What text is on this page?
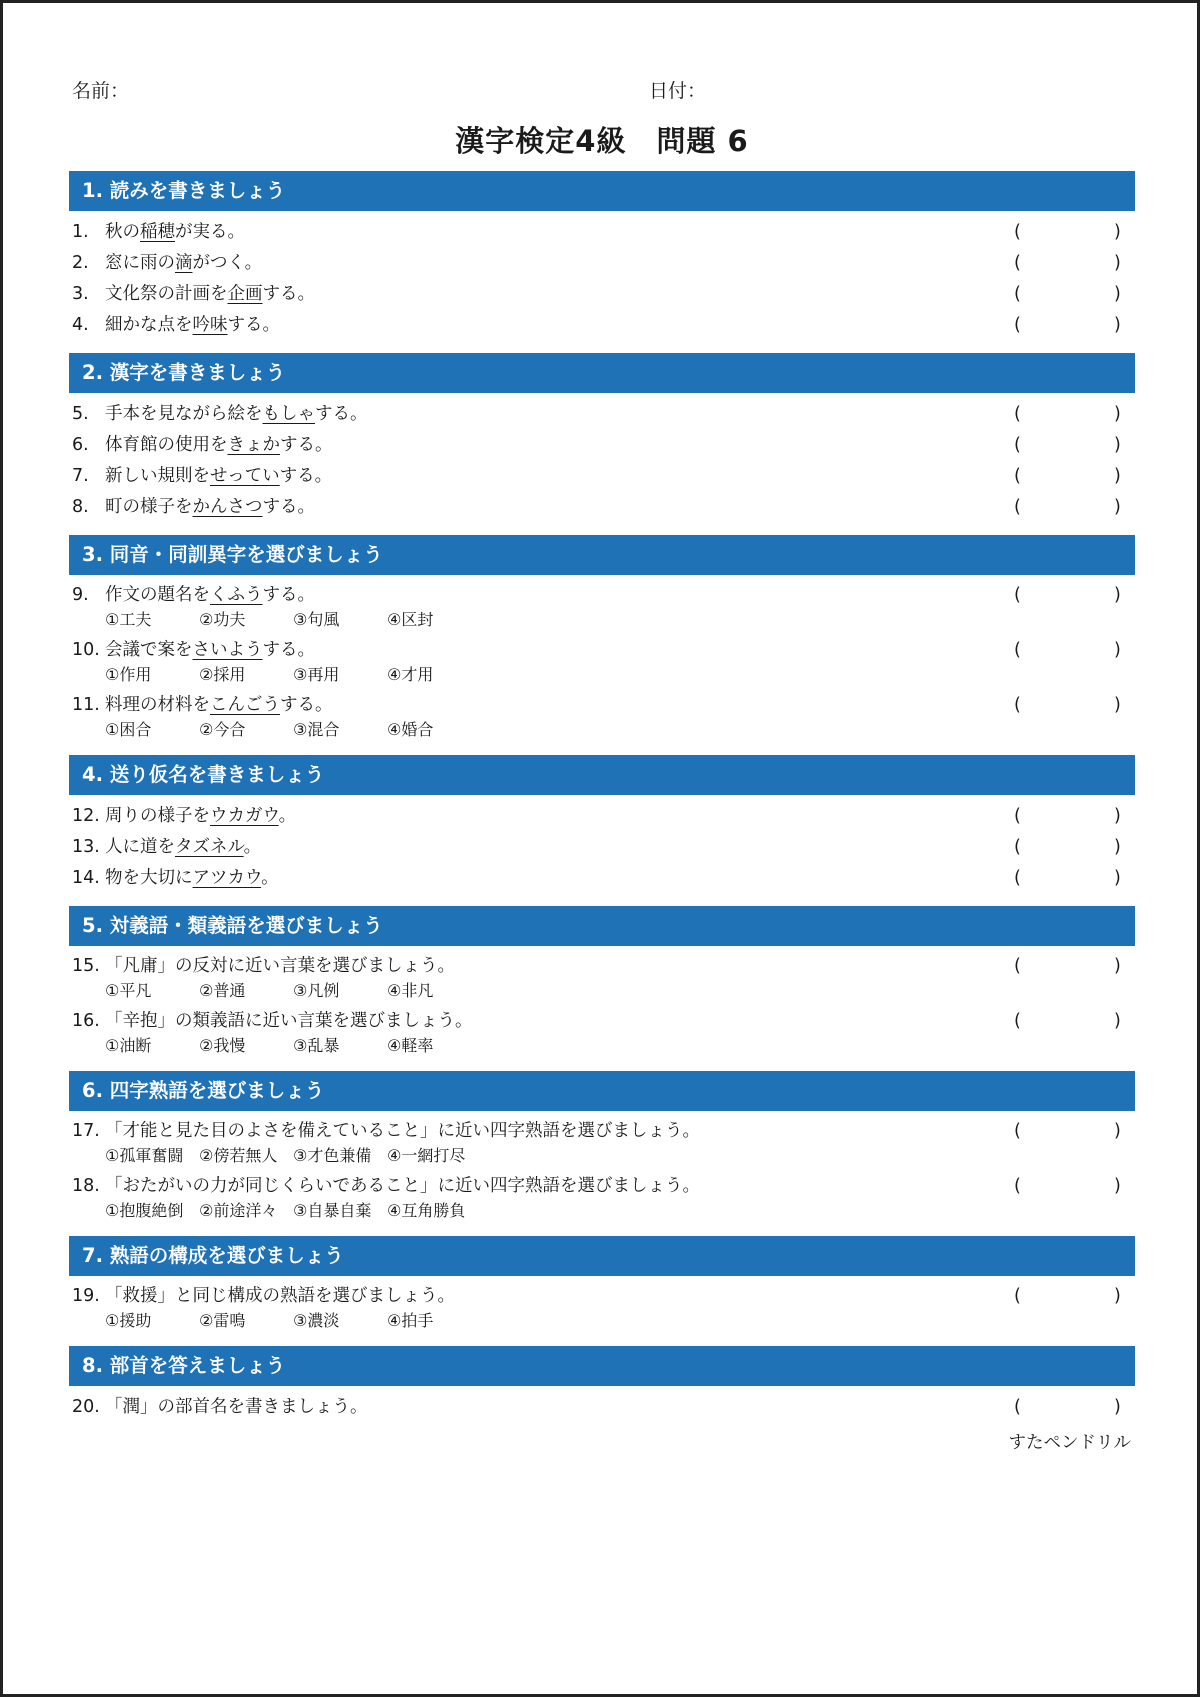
名前：	日付：
漢字検定4級　問題 6
1. 読みを書きましょう
1. 秋の稲穂が実る。	(	)
2. 窓に雨の滴がつく。	(	)
3. 文化祭の計画を企画する。	(	)
4. 細かな点を吟味する。	(	)
2. 漢字を書きましょう
5. 手本を見ながら絵をもしゃする。	(	)
6. 体育館の使用をきょかする。	(	)
7. 新しい規則をせっていする。	(	)
8. 町の様子をかんさつする。	(	)
3. 同音・同訓異字を選びましょう
9. 作文の題名をくふうする。	(	)
①工夫	②功夫	③句風	④区封
10. 会議で案をさいようする。	(	)
①作用	②採用	③再用	④才用
11. 料理の材料をこんごうする。	(	)
①困合	②今合	③混合	④婚合
4. 送り仮名を書きましょう
12. 周りの様子をウカガウ。	(	)
13. 人に道をタズネル。	(	)
14. 物を大切にアツカウ。	(	)
5. 対義語・類義語を選びましょう
15. 「凡庸」の反対に近い言葉を選びましょう。	(	)
①平凡	②普通	③凡例	④非凡
16. 「辛抱」の類義語に近い言葉を選びましょう。	(	)
①油断	②我慢	③乱暴	④軽率
6. 四字熟語を選びましょう
17. 「才能と見た目のよさを備えていること」に近い四字熟語を選びましょう。	(	)
①孤軍奮闘 ②傍若無人 ③才色兼備 ④一網打尽
18. 「おたがいの力が同じくらいであること」に近い四字熟語を選びましょう。	(	)
①抱腹絶倒 ②前途洋々 ③自暴自棄 ④互角勝負
7. 熟語の構成を選びましょう
19. 「救援」と同じ構成の熟語を選びましょう。	(	)
①援助	②雷鳴	③濃淡	④拍手
8. 部首を答えましょう
20. 「潤」の部首名を書きましょう。	(	)
すたペンドリル
